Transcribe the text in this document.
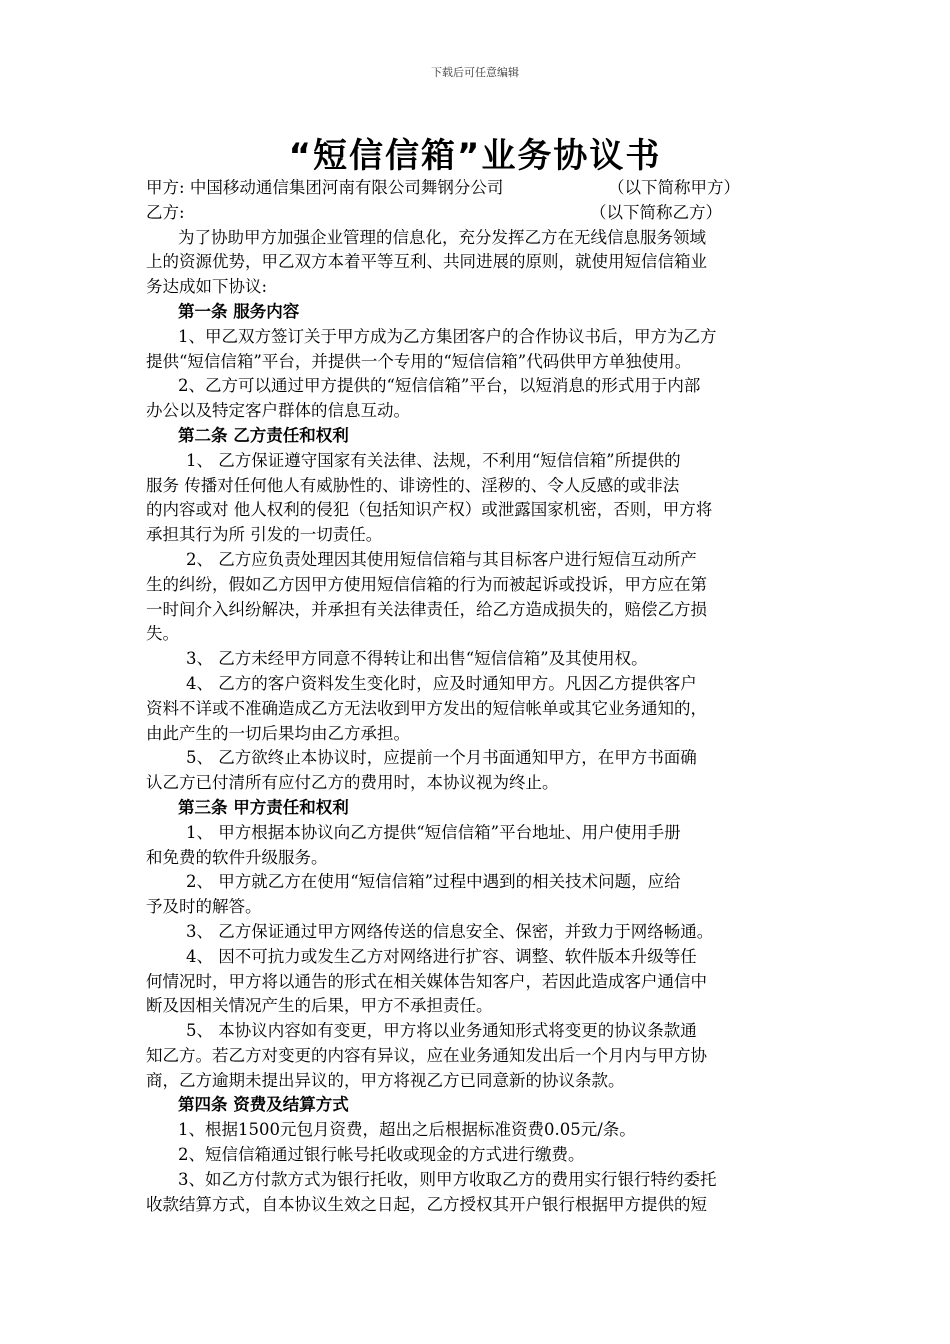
下载后可任意编辑
“短信信箱”业务协议书
甲方: 中国移动通信集团河南有限公司舞钢分公司	（以下简称甲方）
乙方:	（以下简称乙方）
为了协助甲方加强企业管理的信息化，充分发挥乙方在无线信息服务领域
上的资源优势，甲乙双方本着平等互利、共同进展的原则，就使用短信信箱业
务达成如下协议:
第一条 服务内容
1、甲乙双方签订关于甲方成为乙方集团客户的合作协议书后，甲方为乙方
提供“短信信箱”平台，并提供一个专用的“短信信箱”代码供甲方单独使用。
2、乙方可以通过甲方提供的“短信信箱”平台，以短消息的形式用于内部
办公以及特定客户群体的信息互动。
第二条 乙方责任和权利
1、 乙方保证遵守国家有关法律、法规，不利用“短信信箱”所提供的
服务 传播对任何他人有威胁性的、诽谤性的、淫秽的、令人反感的或非法
的内容或对 他人权利的侵犯（包括知识产权）或泄露国家机密，否则，甲方将
承担其行为所 引发的一切责任。
2、 乙方应负责处理因其使用短信信箱与其目标客户进行短信互动所产
生的纠纷，假如乙方因甲方使用短信信箱的行为而被起诉或投诉，甲方应在第
一时间介入纠纷解决，并承担有关法律责任，给乙方造成损失的，赔偿乙方损
失。
3、 乙方未经甲方同意不得转让和出售“短信信箱”及其使用权。
4、 乙方的客户资料发生变化时，应及时通知甲方。凡因乙方提供客户
资料不详或不准确造成乙方无法收到甲方发出的短信帐单或其它业务通知的，
由此产生的一切后果均由乙方承担。
5、 乙方欲终止本协议时，应提前一个月书面通知甲方，在甲方书面确
认乙方已付清所有应付乙方的费用时，本协议视为终止。
第三条 甲方责任和权利
1、 甲方根据本协议向乙方提供“短信信箱”平台地址、用户使用手册
和免费的软件升级服务。
2、 甲方就乙方在使用“短信信箱”过程中遇到的相关技术问题，应给
予及时的解答。
3、 乙方保证通过甲方网络传送的信息安全、保密，并致力于网络畅通。
4、 因不可抗力或发生乙方对网络进行扩容、调整、软件版本升级等任
何情况时，甲方将以通告的形式在相关媒体告知客户，若因此造成客户通信中
断及因相关情况产生的后果，甲方不承担责任。
5、 本协议内容如有变更，甲方将以业务通知形式将变更的协议条款通
知乙方。若乙方对变更的内容有异议，应在业务通知发出后一个月内与甲方协
商，乙方逾期未提出异议的，甲方将视乙方已同意新的协议条款。
第四条 资费及结算方式
1、根据1500元包月资费，超出之后根据标准资费0.05元/条。
2、短信信箱通过银行帐号托收或现金的方式进行缴费。
3、如乙方付款方式为银行托收，则甲方收取乙方的费用实行银行特约委托
收款结算方式，自本协议生效之日起，乙方授权其开户银行根据甲方提供的短
